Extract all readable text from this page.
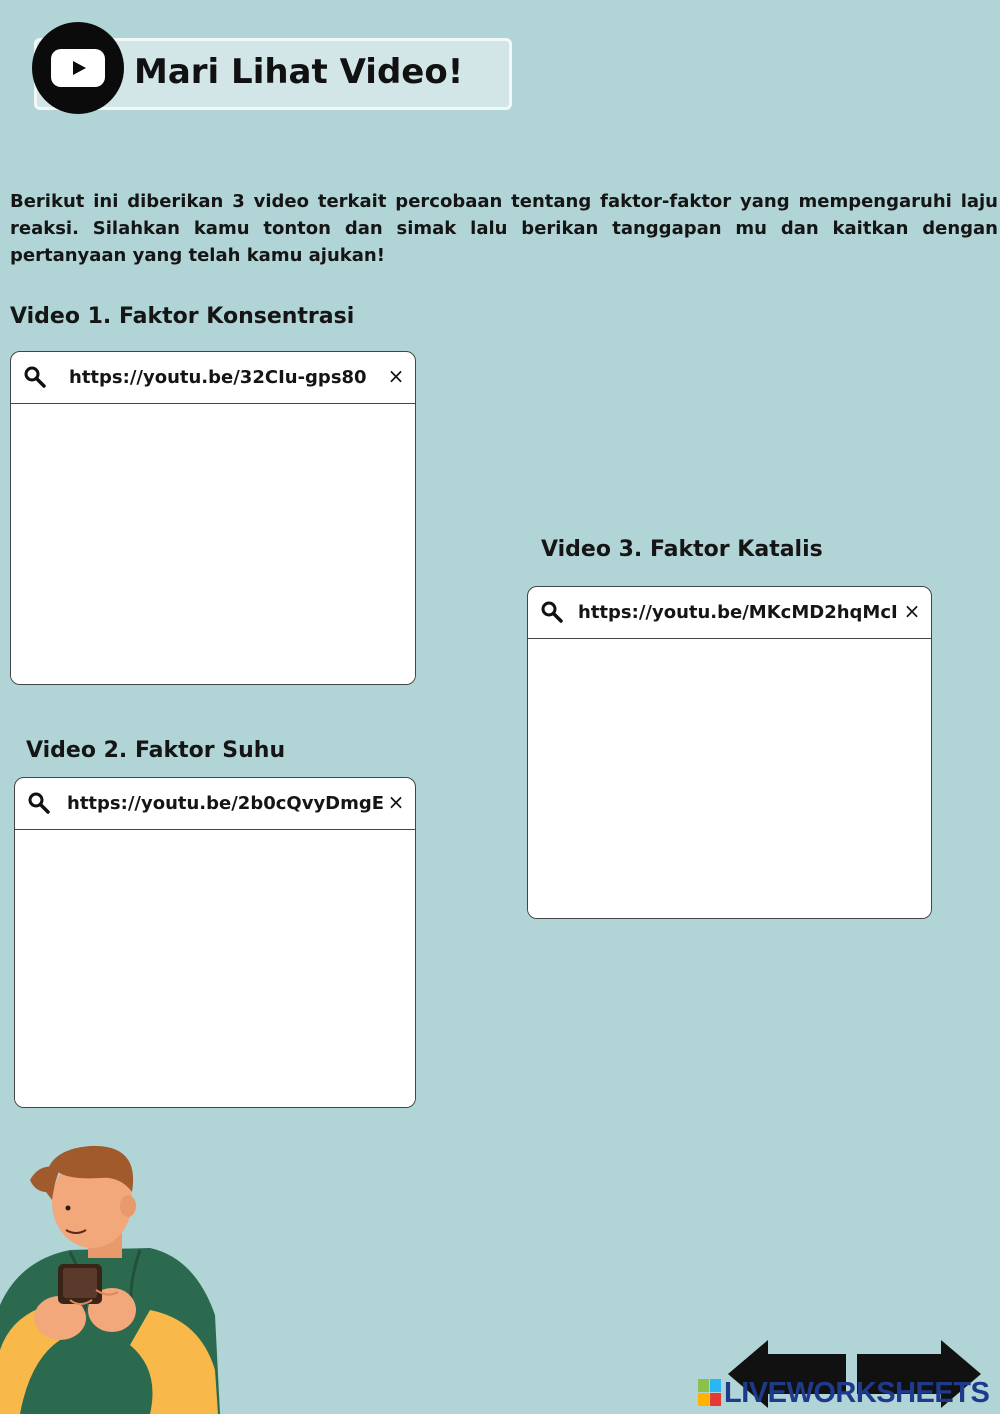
Mari Lihat Video!
Berikut ini diberikan 3 video terkait percobaan tentang faktor-faktor yang mempengaruhi laju reaksi. Silahkan kamu tonton dan simak lalu berikan tanggapan mu dan kaitkan dengan pertanyaan yang telah kamu ajukan!
Video 1. Faktor Konsentrasi
https://youtu.be/32CIu-gps80 ×
Video 3. Faktor Katalis
https://youtu.be/MKcMD2hqMcI ×
Video 2. Faktor Suhu
https://youtu.be/2b0cQvyDmgE ×
LIVEWORKSHEETS
